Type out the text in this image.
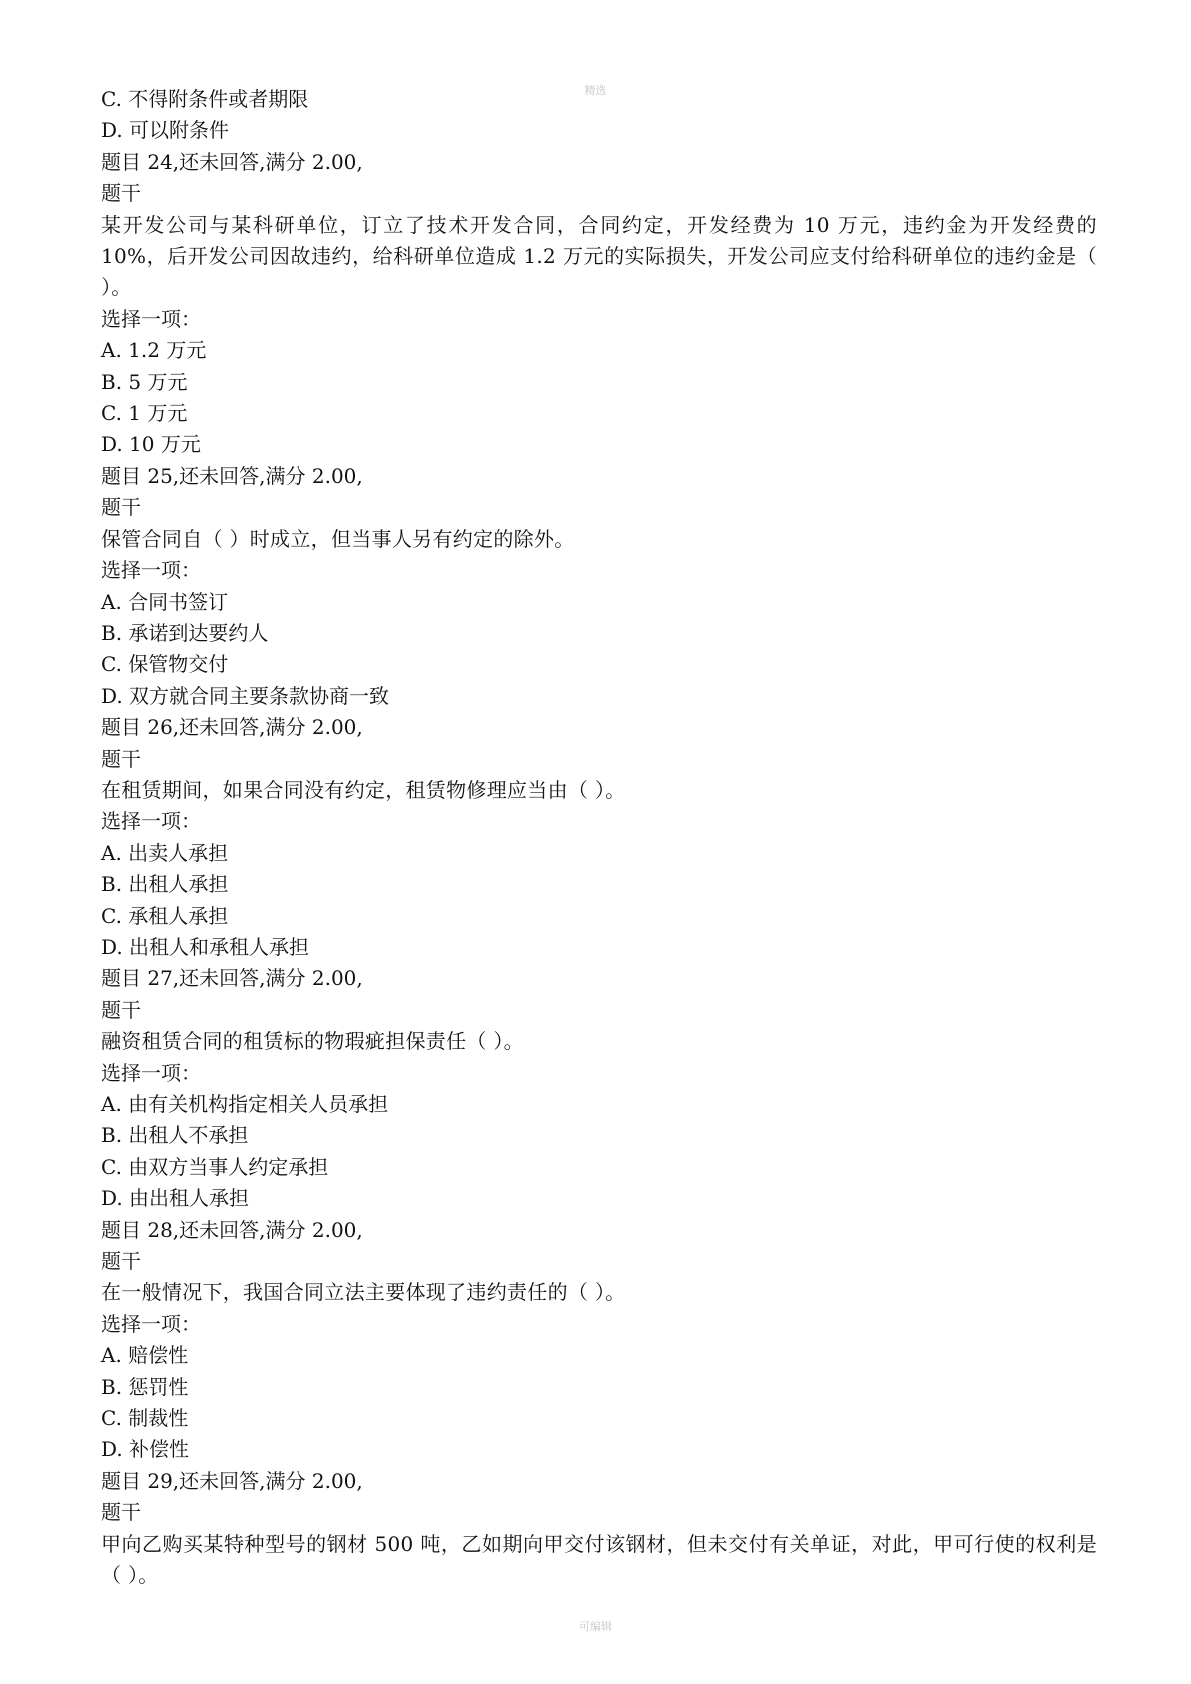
精选
C. 不得附条件或者期限
D. 可以附条件
题目 24,还未回答,满分 2.00,
题干
某开发公司与某科研单位，订立了技术开发合同，合同约定，开发经费为 10 万元，违约金为开发经费的 10%，后开发公司因故违约，给科研单位造成 1.2 万元的实际损失，开发公司应支付给科研单位的违约金是（ ）。
选择一项：
A. 1.2 万元
B. 5 万元
C. 1 万元
D. 10 万元
题目 25,还未回答,满分 2.00,
题干
保管合同自（ ）时成立，但当事人另有约定的除外。
选择一项：
A. 合同书签订
B. 承诺到达要约人
C. 保管物交付
D. 双方就合同主要条款协商一致
题目 26,还未回答,满分 2.00,
题干
在租赁期间，如果合同没有约定，租赁物修理应当由（ ）。
选择一项：
A. 出卖人承担
B. 出租人承担
C. 承租人承担
D. 出租人和承租人承担
题目 27,还未回答,满分 2.00,
题干
融资租赁合同的租赁标的物瑕疵担保责任（ ）。
选择一项：
A. 由有关机构指定相关人员承担
B. 出租人不承担
C. 由双方当事人约定承担
D. 由出租人承担
题目 28,还未回答,满分 2.00,
题干
在一般情况下，我国合同立法主要体现了违约责任的（ ）。
选择一项：
A. 赔偿性
B. 惩罚性
C. 制裁性
D. 补偿性
题目 29,还未回答,满分 2.00,
题干
甲向乙购买某特种型号的钢材 500 吨，乙如期向甲交付该钢材，但未交付有关单证，对此，甲可行使的权利是（ ）。
可编辑
